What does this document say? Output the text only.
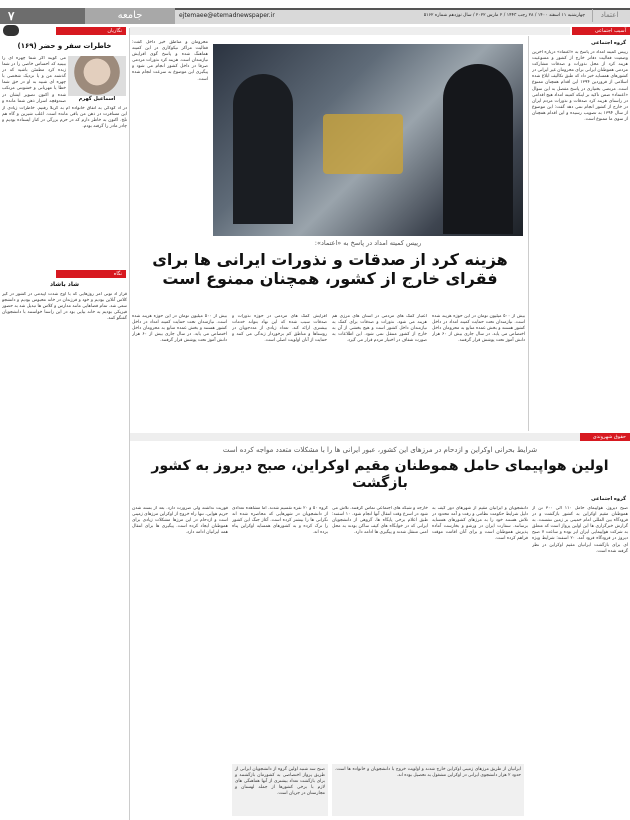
۷	جامعه	ejtemaee@etemadnewspaper.ir	چهارشنبه ۱۱ اسفند ۱۴۰۰ / ۲۸ رجب ۱۴۴۳ / ۲ مارس ۲۰۲۲ / سال نوزدهم شماره ۵۱۶۲	اعتماد
نگاریان	آسیب اجتماعی
خاطرات سفر و حضر (۱۶۹)
اسماعیل گهرم
می گویند اگر شما چهره ای را ببینید که احساس خاصی را در شما زنده کرد مطمئن باشید که در گذشته من و یا نزدیک شخصی با چهره ای شبیه به او در حق شما خطا یا مهربانی و خشونتی مرتکب شده و اکنون تصویر ایشان در صندوقچه اسرار ذهن شما مانده و
در اد کودکی به اتفاق خانواده ام به کربلا رفتیم. خاطرات زیادی از این مسافرت در ذهن من باقی مانده است. اغلب شیرین و گاه هم تلخ. اکنون به خاطر دارم که در حرم بزرگی در کنار ایستاده بودیم و چادر مادر را گرفته بودم.
نگاه
شاد باشاد
قرار اد تونی آمر روزهایی که با اوج شدت اپیدمی در کشور در گیر کلاس آنلاین بودیم و خود و فرزندان در خانه محبوس بودیم و دانشجو سعی شد. تمام فضاهایی مانند مدارس و کلاس ها تبدیل شد به حضور فیزیکی بودیم به خانه بیایی بود در این راستا خواستند با دانشجویان گفتگو کنند.
گروه اجتماعی
رییس کمیته امداد در پاسخ به «اعتماد» درباره آخرین وضعیت فعالیت دفاتر خارج از کشور و ممنوعیت هزینه کرد از محل نذورات و صدقات مشارکت مردمی هموطنان ایرانی برای محرومان غیر ایرانی در کشورهای همسایه خبر داد که طبق تکالیف ابلاغ شده اسلامی از فروردین ۱۳۹۴ این اقدام همچنان ممنوع است. مرتضی بختیاری در پاسخ مفصل به این سوال «اعتماد» ضمن تاکید بر اینکه کمیته امداد هیچ اقدامی در راستای هزینه کرد صدقات و نذورات مردم ایران در خارج از کشور انجام نمی دهد گفت: این موضوع از سال ۱۳۹۴ به تصویب رسیده و این اقدام همچنان از سوی ما ممنوع است.
محرومان و مناطق خیر داخل گفت: فعالیت مراکز نیکوکاری در این کمیته هماهنگ شده و پاسخ گوی افزایش نیازمندان است. هزینه کرد نذورات مردمی صرفا در داخل کشور انجام می شود و پیگیری این موضوع به سرعت انجام شده است.
رییس کمیته امداد در پاسخ به «اعتماد»:
هزینه کرد از صدقات و نذورات ایرانی ها برای فقرای خارج از کشور، همچنان ممنوع است
بیش از ۵۰۰ میلیون تومان در این حوزه هزینه شده است. نیازمندان تحت حمایت کمیته امداد در داخل کشور هستند و بخش عمده منابع به محرومان داخل اختصاص می یابد. در سال جاری بیش از ۶۰ هزار دانش آموز تحت پوشش قرار گرفتند.
افزایش کمک های مردمی در حوزه نذورات و صدقات سبب شده که این نهاد بتواند خدمات بیشتری ارائه کند. تعداد زیادی از مددجویان در روستاها و مناطق کم برخوردار زندگی می کنند و حمایت از آنان اولویت اصلی است.
اعتبار کمک های مردمی در استان های مرزی هم هزینه می شود. نذورات و صدقات برای کمک به نیازمندان داخل کشور است و هیچ بخشی از آن به خارج از کشور منتقل نمی شود. این اطلاعات به صورت شفاف در اختیار مردم قرار می گیرد.
بیش از ۵۰۰ میلیون تومان در این حوزه هزینه شده است. نیازمندان تحت حمایت کمیته امداد در داخل کشور هستند و بخش عمده منابع به محرومان داخل اختصاص می یابد. در سال جاری بیش از ۶۰ هزار دانش آموز تحت پوشش قرار گرفتند.
حقوق شهروندی
شرایط بحرانی اوکراین و ازدحام در مرزهای این کشور، عبور ایرانی ها را با مشکلات متعدد مواجه کرده است
اولین هواپیمای حامل هموطنان مقیم اوکراین، صبح دیروز به کشور بازگشت
گروه اجتماعی
صبح دیروز، هواپیمای حامل ۱۱۰ الی ۳۰۰ تن از هموطنان مقیم اوکراین به کشور بازگشت و در فرودگاه بین المللی امام خمینی بر زمین نشست. به گزارش خبرگزاری ها این اولین پرواز است که متعلق به شرکت هواپیمایی ایران ایر بوده و ساعت ۷ صبح دیروز در فرودگاه فرود آمد. ۲۰ اسفند: شرایط ویژه ای برای بازگشت ایرانیان مقیم اوکراین در نظر گرفته شده است.
دانشجویان و ایرانیان مقیم از شهرهای دور کیف به دلیل شرایط حکومت نظامی و رفت و آمد محدود در تلاش هستند خود را به مرزهای کشورهای همسایه برسانند. سفارت ایران در ورشو و بخارست آماده پذیرش هموطنان است و برای آنان اقامت موقت فراهم کرده است.
خارجه و شبکه های اجتماعی تماس گرفتند. تلاش می شود در اسرع وقت انتقال آنها انجام شود. ۱۰ اسفند: طبق اعلام برخی پایگاه ها، گروهی از دانشجویان ایرانی که در خوابگاه های کیف ساکن بودند به محل امنی منتقل شدند و پیگیری ها ادامه دارد.
گروه ۵۰ و ۲۰ نفره تقسیم شدند. اما مشاهده تعدادی از دانشجویان در شهرهایی که محاصره شده اند نگرانی ها را بیشتر کرده است. آغاز جنگ این کشور را ترک کرده و به کشورهای همسایه اوکراین پناه برده اند.
فوریت نداشته ولی ضرورت دارد. بعد از بسته شدن حریم هوایی، تنها راه خروج از اوکراین مرزهای زمینی است و ازدحام در این مرزها مشکلات زیادی برای هموطنان ایجاد کرده است. پیگیری ها برای انتقال همه ایرانیان ادامه دارد.
صبح سه شنبه اولین گروه از دانشجویان ایرانی از طریق پرواز اختصاصی به کشورمان بازگشتند و برای بازگشت تعداد بیشتری از آنها هماهنگی های لازم با برخی کشورها از جمله لهستان و مجارستان در جریان است.
ایرانیان از طریق مرزهای زمینی اوکراین خارج شدند و اولویت خروج با دانشجویان و خانواده ها است. حدود ۲ هزار دانشجوی ایرانی در اوکراین مشغول به تحصیل بوده اند.
